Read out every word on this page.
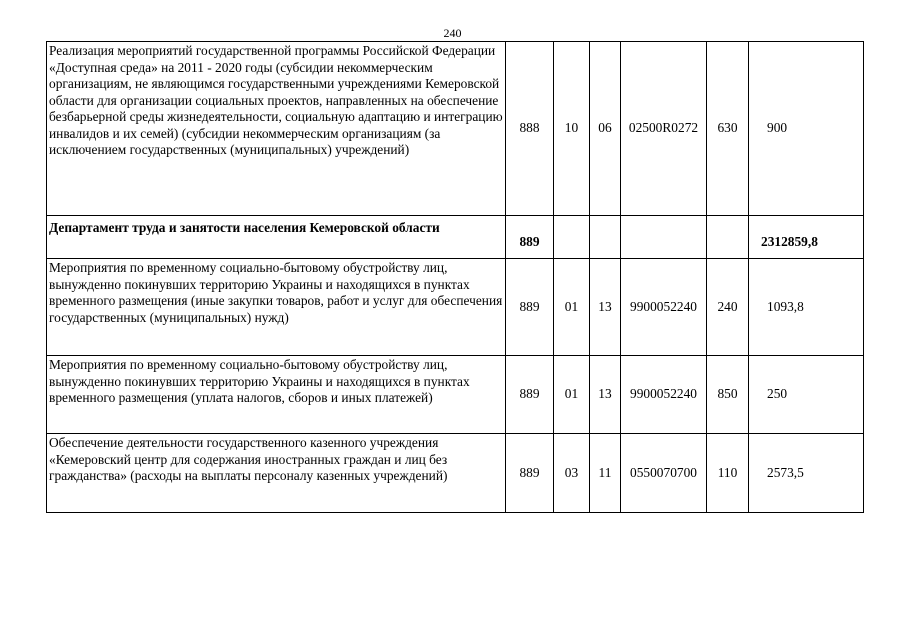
240
Реализация мероприятий государственной программы Российской Федерации «Доступная среда» на 2011 - 2020 годы (субсидии некоммерческим организациям, не являющимся государственными учреждениями Кемеровской области для организации социальных проектов, направленных на обеспечение безбарьерной среды жизнедеятельности, социальную адаптацию и интеграцию инвалидов и их семей) (субсидии некоммерческим организациям (за исключением государственных (муниципальных) учреждений)	888	10	06	02500R0272	630	900
Департамент труда и занятости населения Кемеровской области	889					2312859,8
Мероприятия по временному социально-бытовому обустройству лиц, вынужденно покинувших территорию Украины и находящихся в пунктах временного размещения (иные закупки товаров, работ и услуг для обеспечения государственных (муниципальных) нужд)	889	01	13	9900052240	240	1093,8
Мероприятия по временному социально-бытовому обустройству лиц, вынужденно покинувших территорию Украины и находящихся в пунктах временного размещения (уплата налогов, сборов и иных платежей)	889	01	13	9900052240	850	250
Обеспечение деятельности государственного казенного учреждения «Кемеровский центр для содержания иностранных граждан и лиц без гражданства» (расходы на выплаты персоналу казенных учреждений)	889	03	11	0550070700	110	2573,5
